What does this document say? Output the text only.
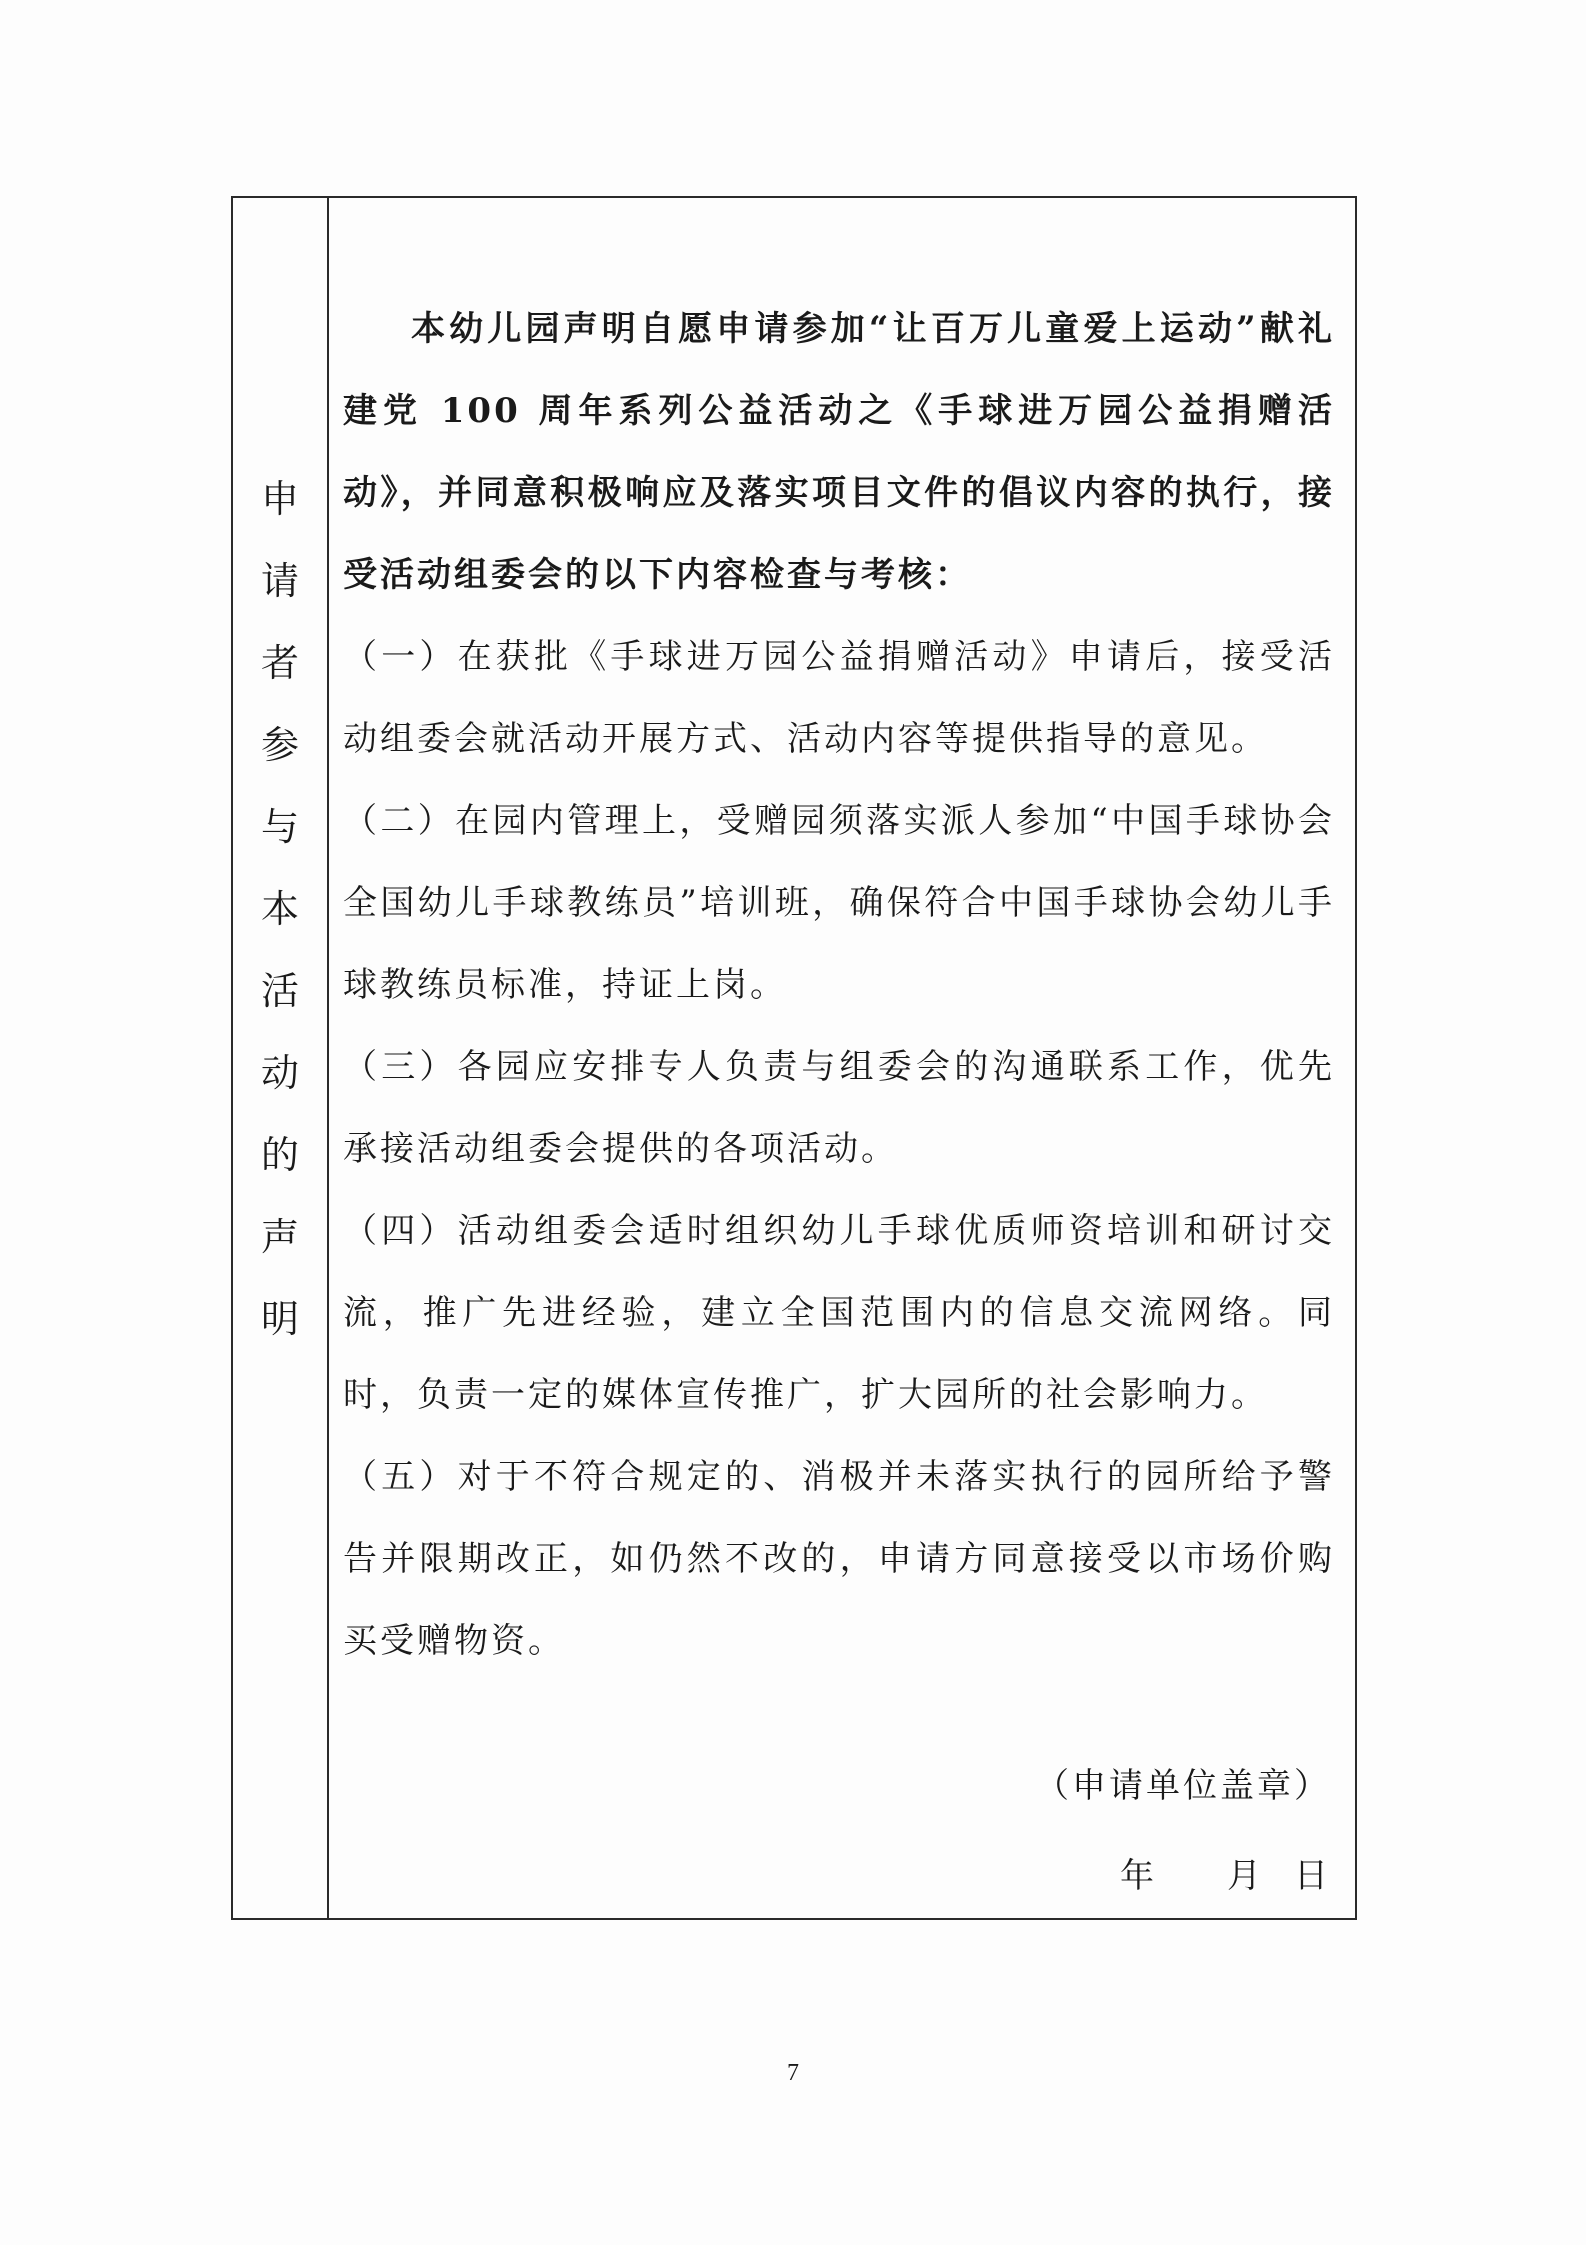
申
请
者
参
与
本
活
动
的
声
明

本幼儿园声明自愿申请参加“让百万儿童爱上运动”献礼建党 100 周年系列公益活动之《手球进万园公益捐赠活动》，并同意积极响应及落实项目文件的倡议内容的执行，接受活动组委会的以下内容检查与考核：

（一）在获批《手球进万园公益捐赠活动》申请后，接受活动组委会就活动开展方式、活动内容等提供指导的意见。

（二）在园内管理上，受赠园须落实派人参加“中国手球协会全国幼儿手球教练员”培训班，确保符合中国手球协会幼儿手球教练员标准，持证上岗。

（三）各园应安排专人负责与组委会的沟通联系工作，优先承接活动组委会提供的各项活动。

（四）活动组委会适时组织幼儿手球优质师资培训和研讨交流，推广先进经验，建立全国范围内的信息交流网络。同时，负责一定的媒体宣传推广，扩大园所的社会影响力。

（五）对于不符合规定的、消极并未落实执行的园所给予警告并限期改正，如仍然不改的，申请方同意接受以市场价购买受赠物资。

（申请单位盖章）
年 月 日
7
